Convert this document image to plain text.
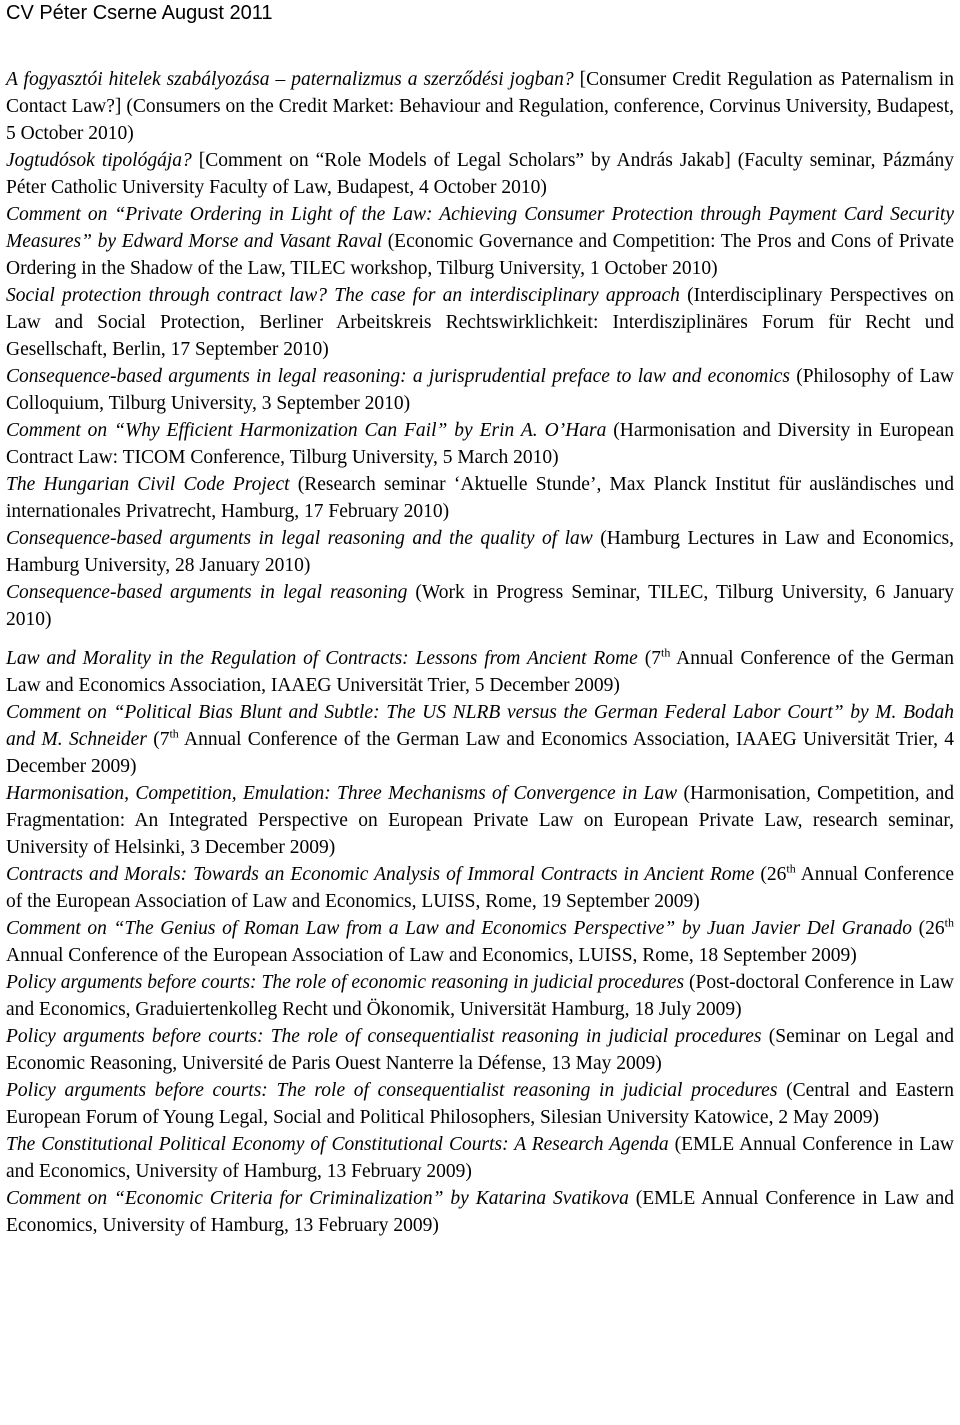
CV Péter Cserne August 2011

A fogyasztói hitelek szabályozása – paternalizmus a szerződési jogban? [Consumer Credit Regulation as Paternalism in Contact Law?] (Consumers on the Credit Market: Behaviour and Regulation, conference, Corvinus University, Budapest, 5 October 2010)

Jogtudósok tipológája? [Comment on “Role Models of Legal Scholars” by András Jakab] (Faculty seminar, Pázmány Péter Catholic University Faculty of Law, Budapest, 4 October 2010)

Comment on “Private Ordering in Light of the Law: Achieving Consumer Protection through Payment Card Security Measures” by Edward Morse and Vasant Raval (Economic Governance and Competition: The Pros and Cons of Private Ordering in the Shadow of the Law, TILEC workshop, Tilburg University, 1 October 2010)

Social protection through contract law? The case for an interdisciplinary approach (Interdisciplinary Perspectives on Law and Social Protection, Berliner Arbeitskreis Rechtswirklichkeit: Interdisziplinäres Forum für Recht und Gesellschaft, Berlin, 17 September 2010)

Consequence-based arguments in legal reasoning: a jurisprudential preface to law and economics (Philosophy of Law Colloquium, Tilburg University, 3 September 2010)

Comment on “Why Efficient Harmonization Can Fail” by Erin A. O’Hara (Harmonisation and Diversity in European Contract Law: TICOM Conference, Tilburg University, 5 March 2010)

The Hungarian Civil Code Project (Research seminar ‘Aktuelle Stunde’, Max Planck Institut für ausländisches und internationales Privatrecht, Hamburg, 17 February 2010)

Consequence-based arguments in legal reasoning and the quality of law (Hamburg Lectures in Law and Economics, Hamburg University, 28 January 2010)

Consequence-based arguments in legal reasoning (Work in Progress Seminar, TILEC, Tilburg University, 6 January 2010)

Law and Morality in the Regulation of Contracts: Lessons from Ancient Rome (7th Annual Conference of the German Law and Economics Association, IAAEG Universität Trier, 5 December 2009)

Comment on “Political Bias Blunt and Subtle: The US NLRB versus the German Federal Labor Court” by M. Bodah and M. Schneider (7th Annual Conference of the German Law and Economics Association, IAAEG Universität Trier, 4 December 2009)

Harmonisation, Competition, Emulation: Three Mechanisms of Convergence in Law (Harmonisation, Competition, and Fragmentation: An Integrated Perspective on European Private Law on European Private Law, research seminar, University of Helsinki, 3 December 2009)

Contracts and Morals: Towards an Economic Analysis of Immoral Contracts in Ancient Rome (26th Annual Conference of the European Association of Law and Economics, LUISS, Rome, 19 September 2009)

Comment on “The Genius of Roman Law from a Law and Economics Perspective” by Juan Javier Del Granado (26th Annual Conference of the European Association of Law and Economics, LUISS, Rome, 18 September 2009)

Policy arguments before courts: The role of economic reasoning in judicial procedures (Post-doctoral Conference in Law and Economics, Graduiertenkolleg Recht und Ökonomik, Universität Hamburg, 18 July 2009)

Policy arguments before courts: The role of consequentialist reasoning in judicial procedures (Seminar on Legal and Economic Reasoning, Université de Paris Ouest Nanterre la Défense, 13 May 2009)

Policy arguments before courts: The role of consequentialist reasoning in judicial procedures (Central and Eastern European Forum of Young Legal, Social and Political Philosophers, Silesian University Katowice, 2 May 2009)

The Constitutional Political Economy of Constitutional Courts: A Research Agenda (EMLE Annual Conference in Law and Economics, University of Hamburg, 13 February 2009)

Comment on “Economic Criteria for Criminalization” by Katarina Svatikova (EMLE Annual Conference in Law and Economics, University of Hamburg, 13 February 2009)
